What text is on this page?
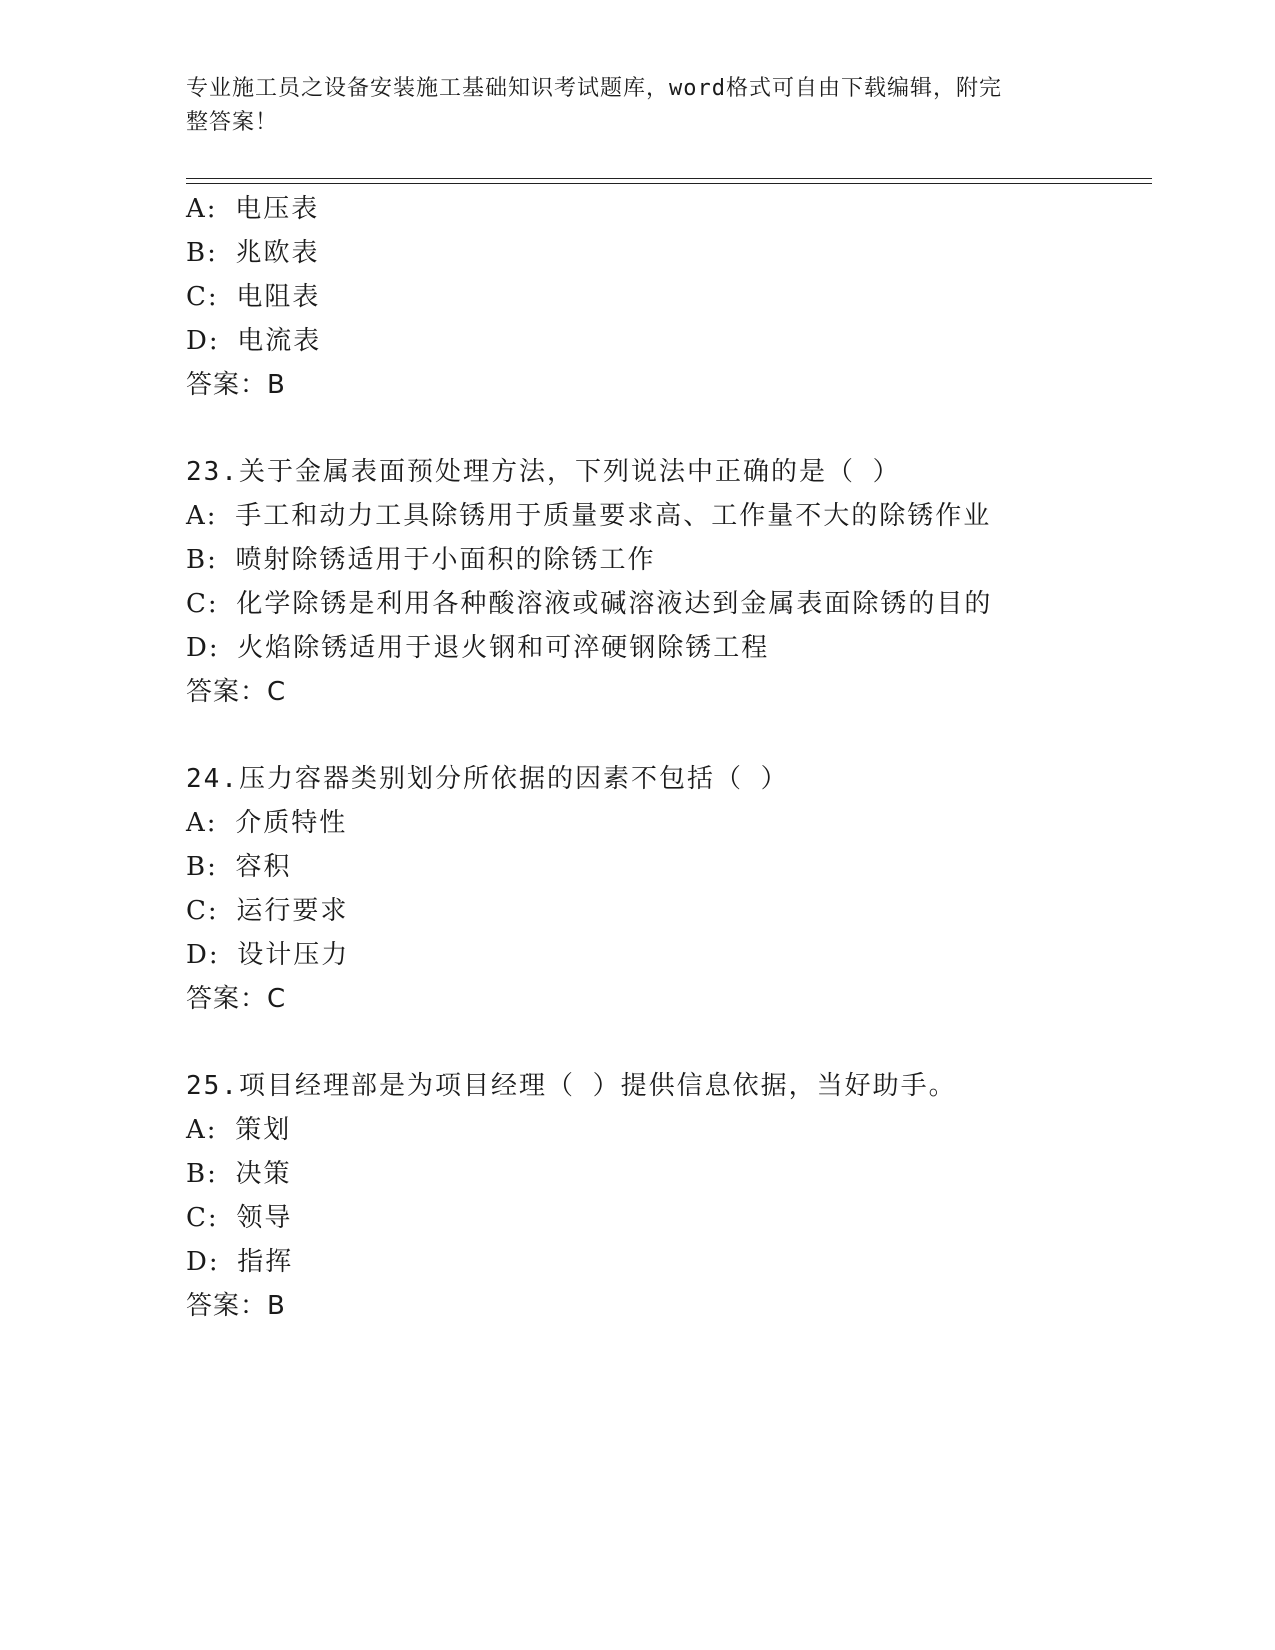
专业施工员之设备安装施工基础知识考试题库，word格式可自由下载编辑，附完
整答案！
A: 电压表
B: 兆欧表
C: 电阻表
D: 电流表
答案：B
23.关于金属表面预处理方法，下列说法中正确的是（ ）
A: 手工和动力工具除锈用于质量要求高、工作量不大的除锈作业
B: 喷射除锈适用于小面积的除锈工作
C: 化学除锈是利用各种酸溶液或碱溶液达到金属表面除锈的目的
D: 火焰除锈适用于退火钢和可淬硬钢除锈工程
答案：C
24.压力容器类别划分所依据的因素不包括（ ）
A: 介质特性
B: 容积
C: 运行要求
D: 设计压力
答案：C
25.项目经理部是为项目经理（ ）提供信息依据，当好助手。
A: 策划
B: 决策
C: 领导
D: 指挥
答案：B
